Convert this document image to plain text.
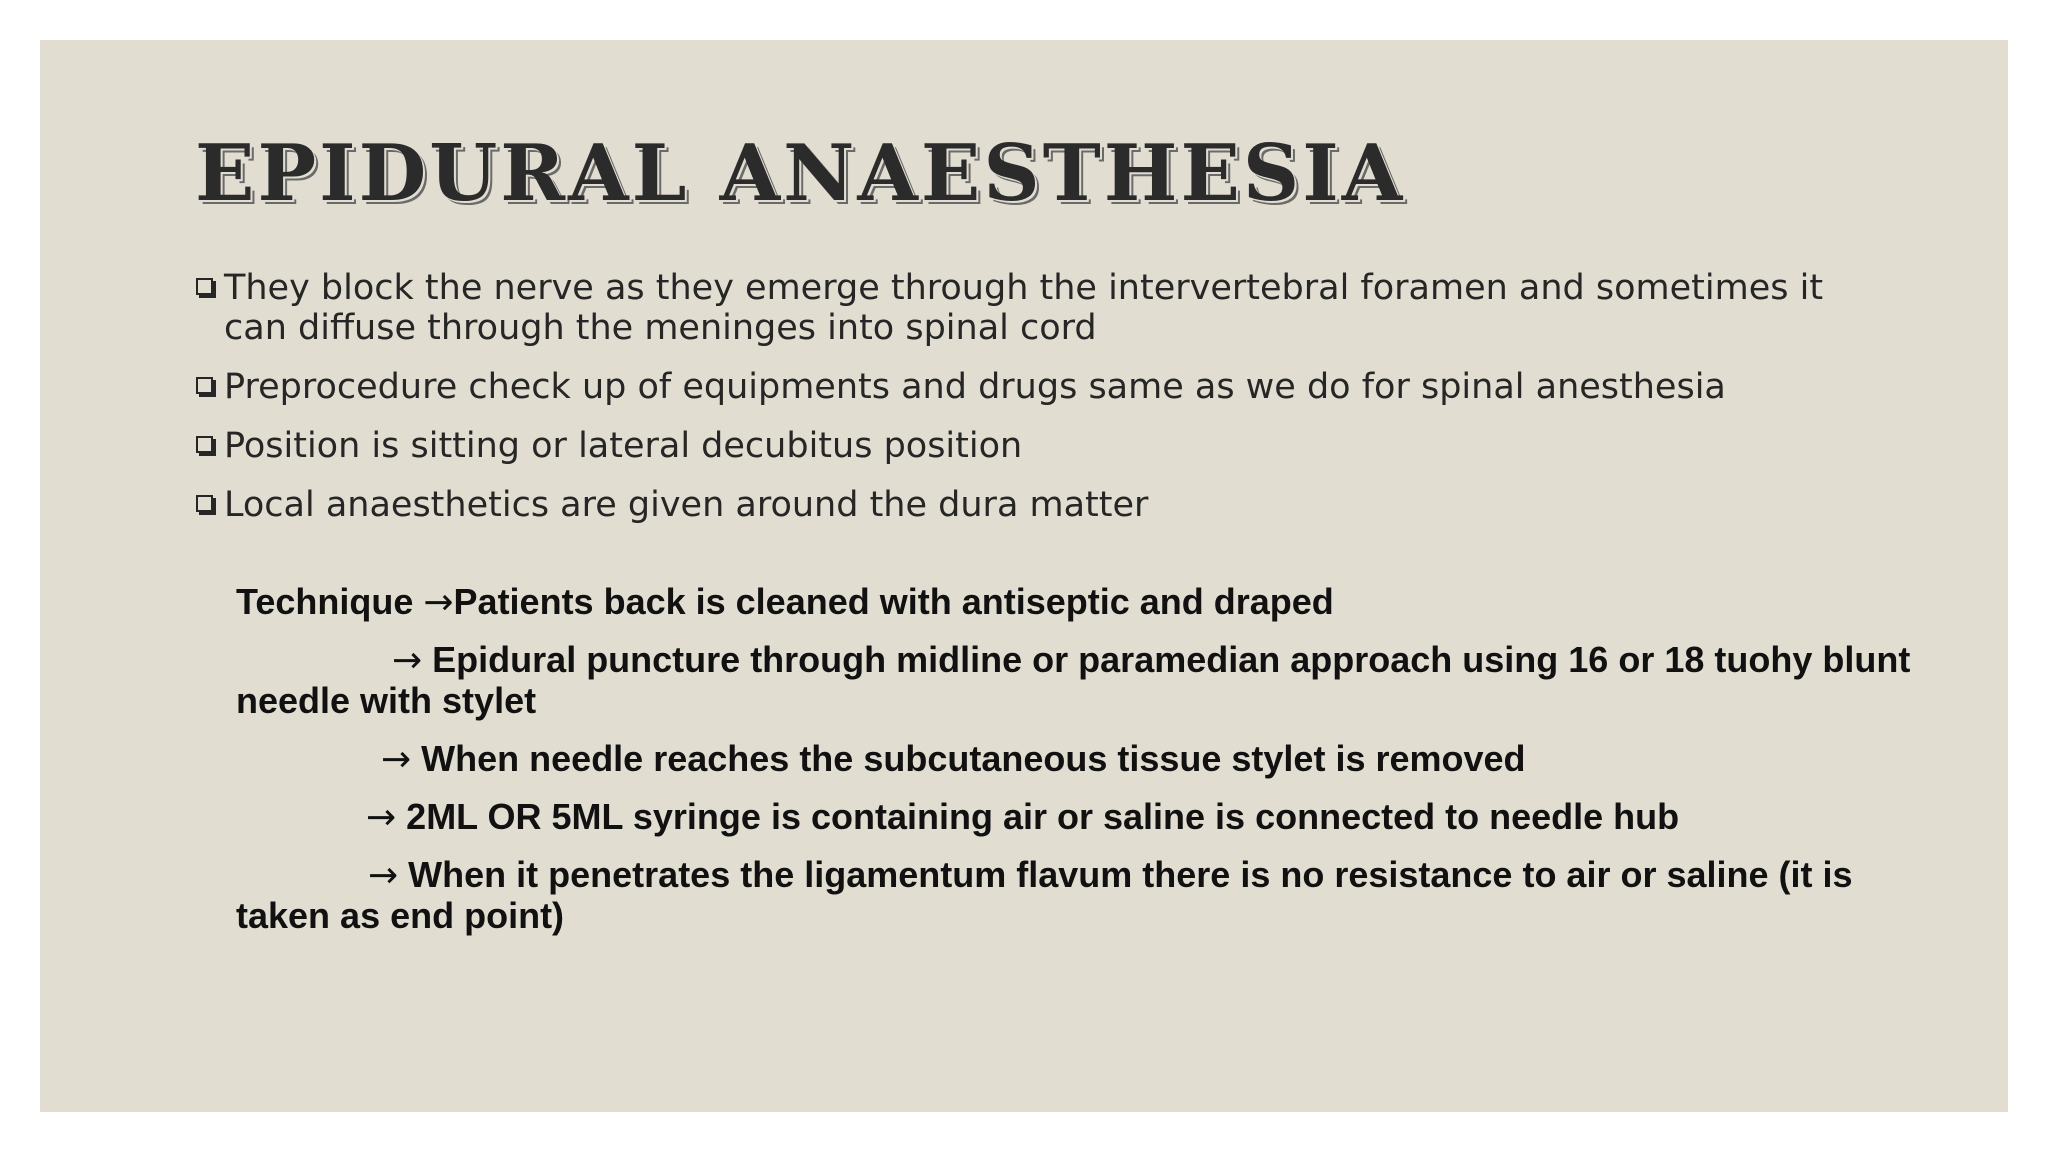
EPIDURAL ANAESTHESIA
They block the nerve as they emerge through the intervertebral foramen and sometimes it can diffuse through the meninges into spinal cord
Preprocedure check up of equipments and drugs same as we do for spinal anesthesia
Position is sitting or lateral decubitus position
Local anaesthetics are given around the dura matter

Technique →Patients back is cleaned with antiseptic and draped

→ Epidural puncture through midline or paramedian approach using 16 or 18 tuohy blunt needle with stylet

→ When needle reaches the subcutaneous tissue stylet is removed

→ 2ML OR 5ML syringe is containing air or saline is connected to needle hub

→ When it penetrates the ligamentum flavum there is no resistance to air or saline (it is taken as end point)
